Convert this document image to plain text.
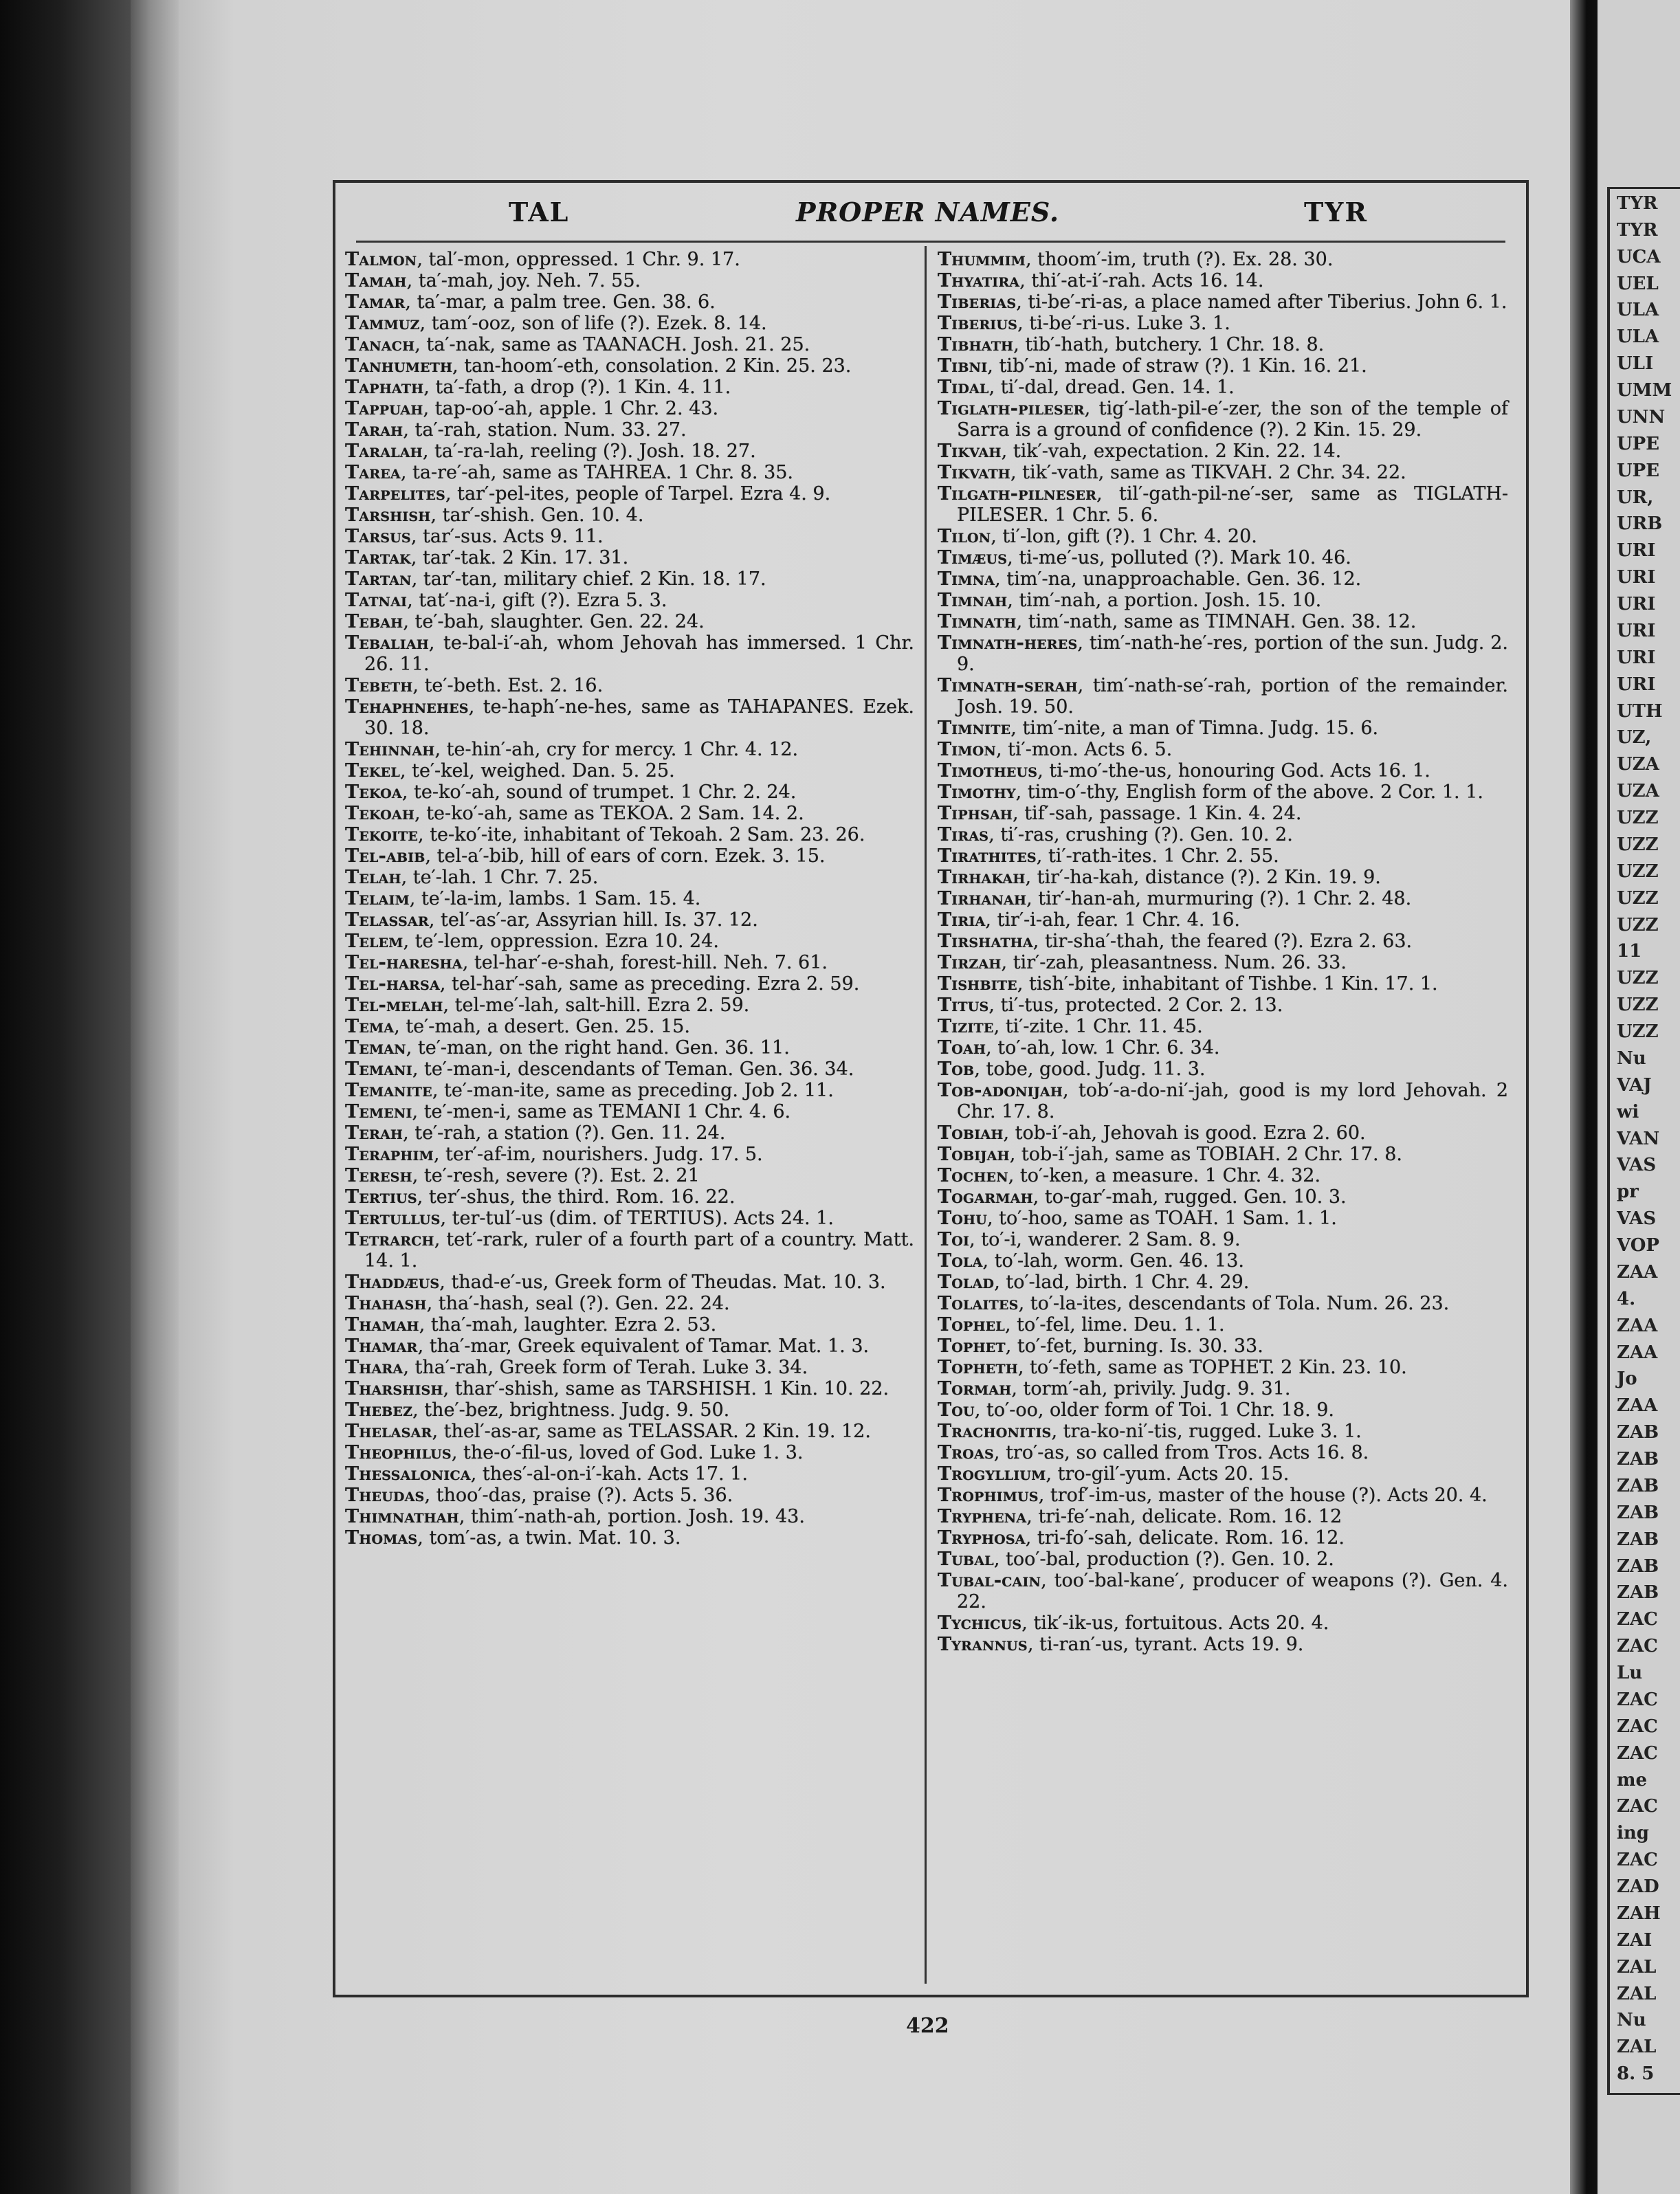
TYR
TYR
UCA
UEL
ULA
ULA
ULI
UMM
UNN
UPE
UPE
UR,
URB
URI
URI
URI
URI
URI
URI
UTH
UZ,
UZA
UZA
UZZ
UZZ
UZZ
UZZ
UZZ
11
UZZ
UZZ
UZZ
Nu
VAJ
wi
VAN
VAS
pr
VAS
VOP
ZAA
4.
ZAA
ZAA
Jo
ZAA
ZAB
ZAB
ZAB
ZAB
ZAB
ZAB
ZAB
ZAC
ZAC
Lu
ZAC
ZAC
ZAC
me
ZAC
ing
ZAC
ZAD
ZAH
ZAI
ZAL
ZAL
Nu
ZAL
8. 5
TAL	PROPER NAMES.	TYR
Talmon, tal′-mon, oppressed. 1 Chr. 9. 17.
Tamah, ta′-mah, joy. Neh. 7. 55.
Tamar, ta′-mar, a palm tree. Gen. 38. 6.
Tammuz, tam′-ooz, son of life (?). Ezek. 8. 14.
Tanach, ta′-nak, same as TAANACH. Josh. 21. 25.
Tanhumeth, tan-hoom′-eth, consolation. 2 Kin. 25. 23.
Taphath, ta′-fath, a drop (?). 1 Kin. 4. 11.
Tappuah, tap-oo′-ah, apple. 1 Chr. 2. 43.
Tarah, ta′-rah, station. Num. 33. 27.
Taralah, ta′-ra-lah, reeling (?). Josh. 18. 27.
Tarea, ta-re′-ah, same as TAHREA. 1 Chr. 8. 35.
Tarpelites, tar′-pel-ites, people of Tarpel. Ezra 4. 9.
Tarshish, tar′-shish. Gen. 10. 4.
Tarsus, tar′-sus. Acts 9. 11.
Tartak, tar′-tak. 2 Kin. 17. 31.
Tartan, tar′-tan, military chief. 2 Kin. 18. 17.
Tatnai, tat′-na-i, gift (?). Ezra 5. 3.
Tebah, te′-bah, slaughter. Gen. 22. 24.
Tebaliah, te-bal-i′-ah, whom Jehovah has immersed. 1 Chr. 26. 11.
Tebeth, te′-beth. Est. 2. 16.
Tehaphnehes, te-haph′-ne-hes, same as TAHAPANES. Ezek. 30. 18.
Tehinnah, te-hin′-ah, cry for mercy. 1 Chr. 4. 12.
Tekel, te′-kel, weighed. Dan. 5. 25.
Tekoa, te-ko′-ah, sound of trumpet. 1 Chr. 2. 24.
Tekoah, te-ko′-ah, same as TEKOA. 2 Sam. 14. 2.
Tekoite, te-ko′-ite, inhabitant of Tekoah. 2 Sam. 23. 26.
Tel-abib, tel-a′-bib, hill of ears of corn. Ezek. 3. 15.
Telah, te′-lah. 1 Chr. 7. 25.
Telaim, te′-la-im, lambs. 1 Sam. 15. 4.
Telassar, tel′-as′-ar, Assyrian hill. Is. 37. 12.
Telem, te′-lem, oppression. Ezra 10. 24.
Tel-haresha, tel-har′-e-shah, forest-hill. Neh. 7. 61.
Tel-harsa, tel-har′-sah, same as preceding. Ezra 2. 59.
Tel-melah, tel-me′-lah, salt-hill. Ezra 2. 59.
Tema, te′-mah, a desert. Gen. 25. 15.
Teman, te′-man, on the right hand. Gen. 36. 11.
Temani, te′-man-i, descendants of Teman. Gen. 36. 34.
Temanite, te′-man-ite, same as preceding. Job 2. 11.
Temeni, te′-men-i, same as TEMANI 1 Chr. 4. 6.
Terah, te′-rah, a station (?). Gen. 11. 24.
Teraphim, ter′-af-im, nourishers. Judg. 17. 5.
Teresh, te′-resh, severe (?). Est. 2. 21
Tertius, ter′-shus, the third. Rom. 16. 22.
Tertullus, ter-tul′-us (dim. of TERTIUS). Acts 24. 1.
Tetrarch, tet′-rark, ruler of a fourth part of a country. Matt. 14. 1.
Thaddæus, thad-e′-us, Greek form of Theudas. Mat. 10. 3.
Thahash, tha′-hash, seal (?). Gen. 22. 24.
Thamah, tha′-mah, laughter. Ezra 2. 53.
Thamar, tha′-mar, Greek equivalent of Tamar. Mat. 1. 3.
Thara, tha′-rah, Greek form of Terah. Luke 3. 34.
Tharshish, thar′-shish, same as TARSHISH. 1 Kin. 10. 22.
Thebez, the′-bez, brightness. Judg. 9. 50.
Thelasar, thel′-as-ar, same as TELASSAR. 2 Kin. 19. 12.
Theophilus, the-o′-fil-us, loved of God. Luke 1. 3.
Thessalonica, thes′-al-on-i′-kah. Acts 17. 1.
Theudas, thoo′-das, praise (?). Acts 5. 36.
Thimnathah, thim′-nath-ah, portion. Josh. 19. 43.
Thomas, tom′-as, a twin. Mat. 10. 3.
Thummim, thoom′-im, truth (?). Ex. 28. 30.
Thyatira, thi′-at-i′-rah. Acts 16. 14.
Tiberias, ti-be′-ri-as, a place named after Tiberius. John 6. 1.
Tiberius, ti-be′-ri-us. Luke 3. 1.
Tibhath, tib′-hath, butchery. 1 Chr. 18. 8.
Tibni, tib′-ni, made of straw (?). 1 Kin. 16. 21.
Tidal, ti′-dal, dread. Gen. 14. 1.
Tiglath-pileser, tig′-lath-pil-e′-zer, the son of the temple of Sarra is a ground of confidence (?). 2 Kin. 15. 29.
Tikvah, tik′-vah, expectation. 2 Kin. 22. 14.
Tikvath, tik′-vath, same as TIKVAH. 2 Chr. 34. 22.
Tilgath-pilneser, til′-gath-pil-ne′-ser, same as TIGLATH-PILESER. 1 Chr. 5. 6.
Tilon, ti′-lon, gift (?). 1 Chr. 4. 20.
Timæus, ti-me′-us, polluted (?). Mark 10. 46.
Timna, tim′-na, unapproachable. Gen. 36. 12.
Timnah, tim′-nah, a portion. Josh. 15. 10.
Timnath, tim′-nath, same as TIMNAH. Gen. 38. 12.
Timnath-heres, tim′-nath-he′-res, portion of the sun. Judg. 2. 9.
Timnath-serah, tim′-nath-se′-rah, portion of the remainder. Josh. 19. 50.
Timnite, tim′-nite, a man of Timna. Judg. 15. 6.
Timon, ti′-mon. Acts 6. 5.
Timotheus, ti-mo′-the-us, honouring God. Acts 16. 1.
Timothy, tim-o′-thy, English form of the above. 2 Cor. 1. 1.
Tiphsah, tif′-sah, passage. 1 Kin. 4. 24.
Tiras, ti′-ras, crushing (?). Gen. 10. 2.
Tirathites, ti′-rath-ites. 1 Chr. 2. 55.
Tirhakah, tir′-ha-kah, distance (?). 2 Kin. 19. 9.
Tirhanah, tir′-han-ah, murmuring (?). 1 Chr. 2. 48.
Tiria, tir′-i-ah, fear. 1 Chr. 4. 16.
Tirshatha, tir-sha′-thah, the feared (?). Ezra 2. 63.
Tirzah, tir′-zah, pleasantness. Num. 26. 33.
Tishbite, tish′-bite, inhabitant of Tishbe. 1 Kin. 17. 1.
Titus, ti′-tus, protected. 2 Cor. 2. 13.
Tizite, ti′-zite. 1 Chr. 11. 45.
Toah, to′-ah, low. 1 Chr. 6. 34.
Tob, tobe, good. Judg. 11. 3.
Tob-adonijah, tob′-a-do-ni′-jah, good is my lord Jehovah. 2 Chr. 17. 8.
Tobiah, tob-i′-ah, Jehovah is good. Ezra 2. 60.
Tobijah, tob-i′-jah, same as TOBIAH. 2 Chr. 17. 8.
Tochen, to′-ken, a measure. 1 Chr. 4. 32.
Togarmah, to-gar′-mah, rugged. Gen. 10. 3.
Tohu, to′-hoo, same as TOAH. 1 Sam. 1. 1.
Toi, to′-i, wanderer. 2 Sam. 8. 9.
Tola, to′-lah, worm. Gen. 46. 13.
Tolad, to′-lad, birth. 1 Chr. 4. 29.
Tolaites, to′-la-ites, descendants of Tola. Num. 26. 23.
Tophel, to′-fel, lime. Deu. 1. 1.
Tophet, to′-fet, burning. Is. 30. 33.
Topheth, to′-feth, same as TOPHET. 2 Kin. 23. 10.
Tormah, torm′-ah, privily. Judg. 9. 31.
Tou, to′-oo, older form of Toi. 1 Chr. 18. 9.
Trachonitis, tra-ko-ni′-tis, rugged. Luke 3. 1.
Troas, tro′-as, so called from Tros. Acts 16. 8.
Trogyllium, tro-gil′-yum. Acts 20. 15.
Trophimus, trof′-im-us, master of the house (?). Acts 20. 4.
Tryphena, tri-fe′-nah, delicate. Rom. 16. 12
Tryphosa, tri-fo′-sah, delicate. Rom. 16. 12.
Tubal, too′-bal, production (?). Gen. 10. 2.
Tubal-cain, too′-bal-kane′, producer of weapons (?). Gen. 4. 22.
Tychicus, tik′-ik-us, fortuitous. Acts 20. 4.
Tyrannus, ti-ran′-us, tyrant. Acts 19. 9.
422
